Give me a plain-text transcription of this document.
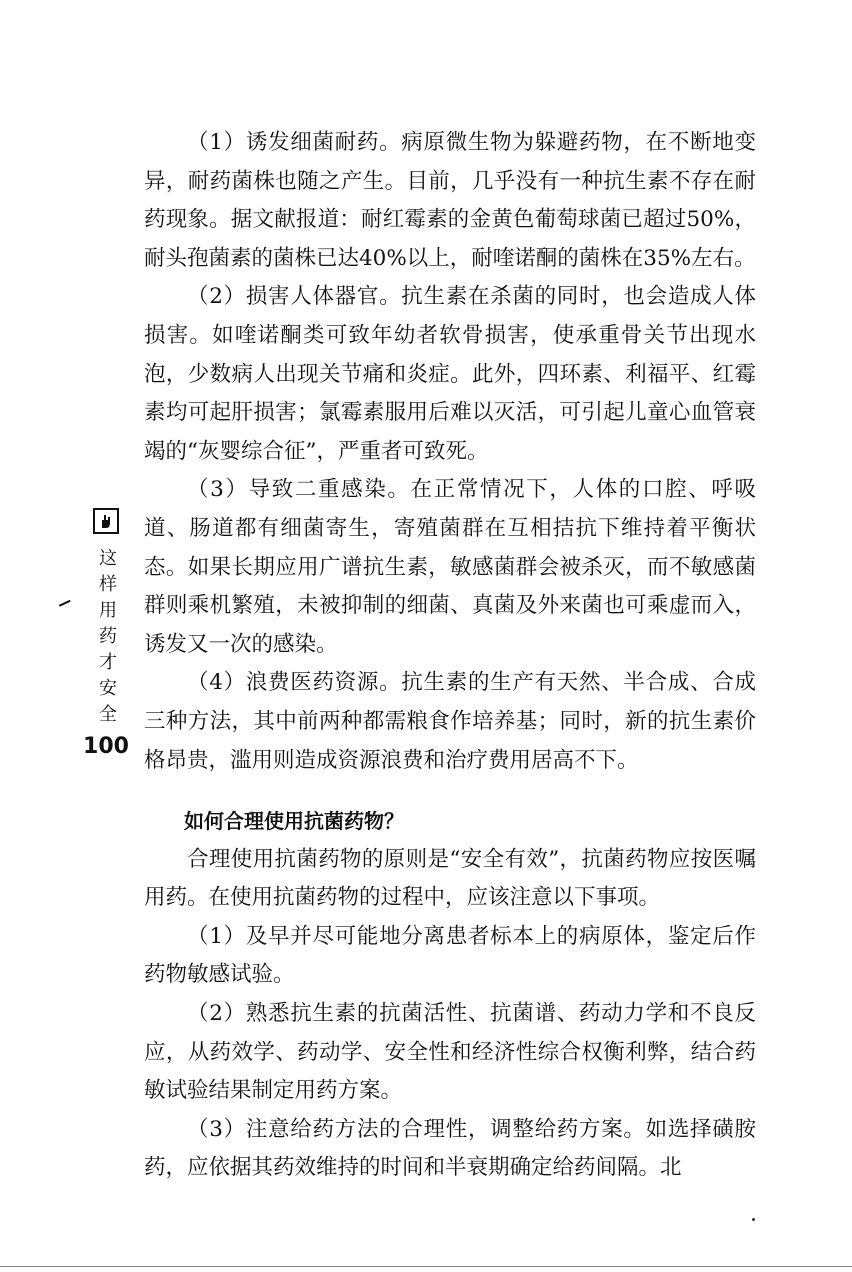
（1）诱发细菌耐药。病原微生物为躲避药物，在不断地变异，耐药菌株也随之产生。目前，几乎没有一种抗生素不存在耐药现象。据文献报道：耐红霉素的金黄色葡萄球菌已超过50%，耐头孢菌素的菌株已达40%以上，耐喹诺酮的菌株在35%左右。

（2）损害人体器官。抗生素在杀菌的同时，也会造成人体损害。如喹诺酮类可致年幼者软骨损害，使承重骨关节出现水泡，少数病人出现关节痛和炎症。此外，四环素、利福平、红霉素均可起肝损害；氯霉素服用后难以灭活，可引起儿童心血管衰竭的“灰婴综合征”，严重者可致死。

（3）导致二重感染。在正常情况下，人体的口腔、呼吸道、肠道都有细菌寄生，寄殖菌群在互相拮抗下维持着平衡状态。如果长期应用广谱抗生素，敏感菌群会被杀灭，而不敏感菌群则乘机繁殖，未被抑制的细菌、真菌及外来菌也可乘虚而入，诱发又一次的感染。

（4）浪费医药资源。抗生素的生产有天然、半合成、合成三种方法，其中前两种都需粮食作培养基；同时，新的抗生素价格昂贵，滥用则造成资源浪费和治疗费用居高不下。

如何合理使用抗菌药物？

合理使用抗菌药物的原则是“安全有效”，抗菌药物应按医嘱用药。在使用抗菌药物的过程中，应该注意以下事项。

（1）及早并尽可能地分离患者标本上的病原体，鉴定后作药物敏感试验。

（2）熟悉抗生素的抗菌活性、抗菌谱、药动力学和不良反应，从药效学、药动学、安全性和经济性综合权衡利弊，结合药敏试验结果制定用药方案。

（3）注意给药方法的合理性，调整给药方案。如选择磺胺药，应依据其药效维持的时间和半衰期确定给药间隔。北

这样用药才安全
100
